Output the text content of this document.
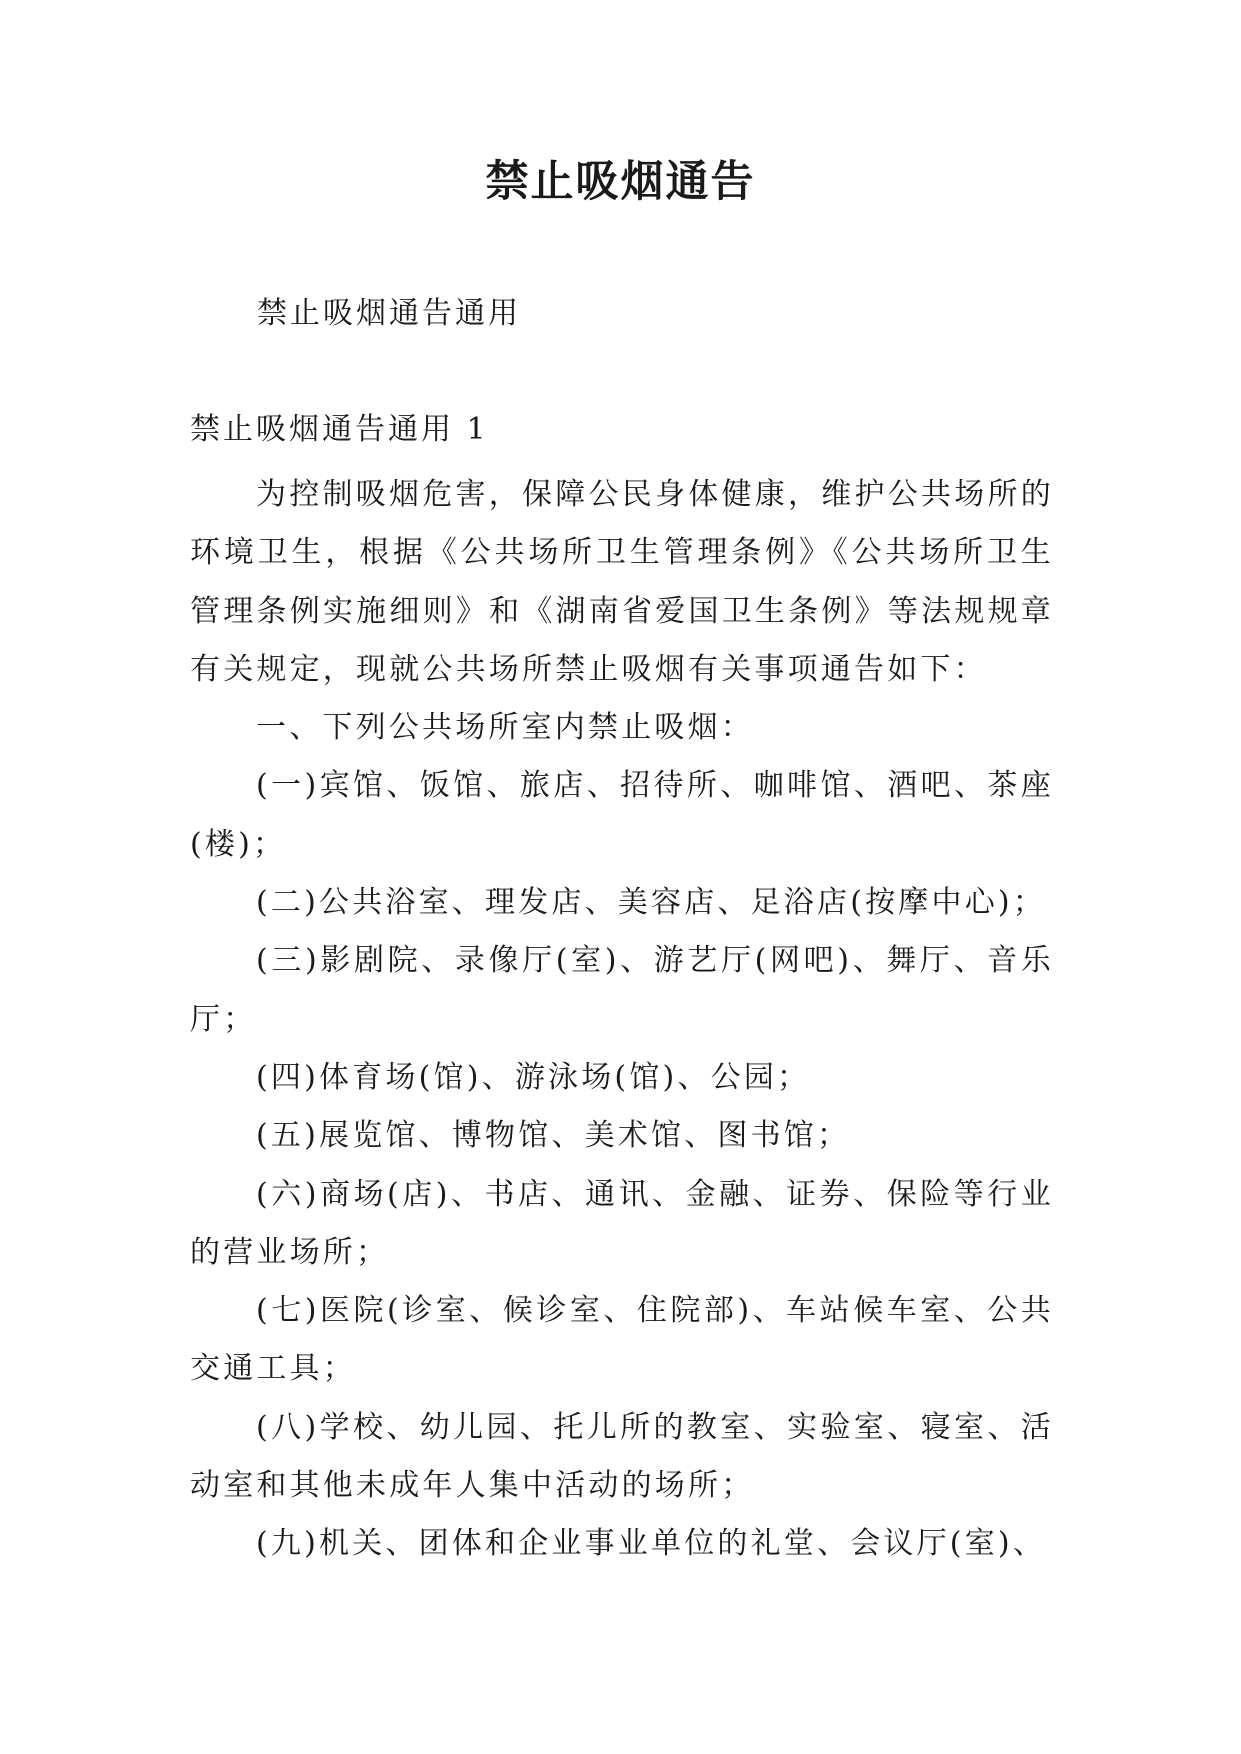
禁止吸烟通告

禁止吸烟通告通用

禁止吸烟通告通用 1

为控制吸烟危害，保障公民身体健康，维护公共场所的环境卫生，根据《公共场所卫生管理条例》《公共场所卫生管理条例实施细则》和《湖南省爱国卫生条例》等法规规章有关规定，现就公共场所禁止吸烟有关事项通告如下：

一、下列公共场所室内禁止吸烟：

(一)宾馆、饭馆、旅店、招待所、咖啡馆、酒吧、茶座(楼)；

(二)公共浴室、理发店、美容店、足浴店(按摩中心)；

(三)影剧院、录像厅(室)、游艺厅(网吧)、舞厅、音乐厅；

(四)体育场(馆)、游泳场(馆)、公园；

(五)展览馆、博物馆、美术馆、图书馆；

(六)商场(店)、书店、通讯、金融、证券、保险等行业的营业场所；

(七)医院(诊室、候诊室、住院部)、车站候车室、公共交通工具；

(八)学校、幼儿园、托儿所的教室、实验室、寝室、活动室和其他未成年人集中活动的场所；

(九)机关、团体和企业事业单位的礼堂、会议厅(室)、
